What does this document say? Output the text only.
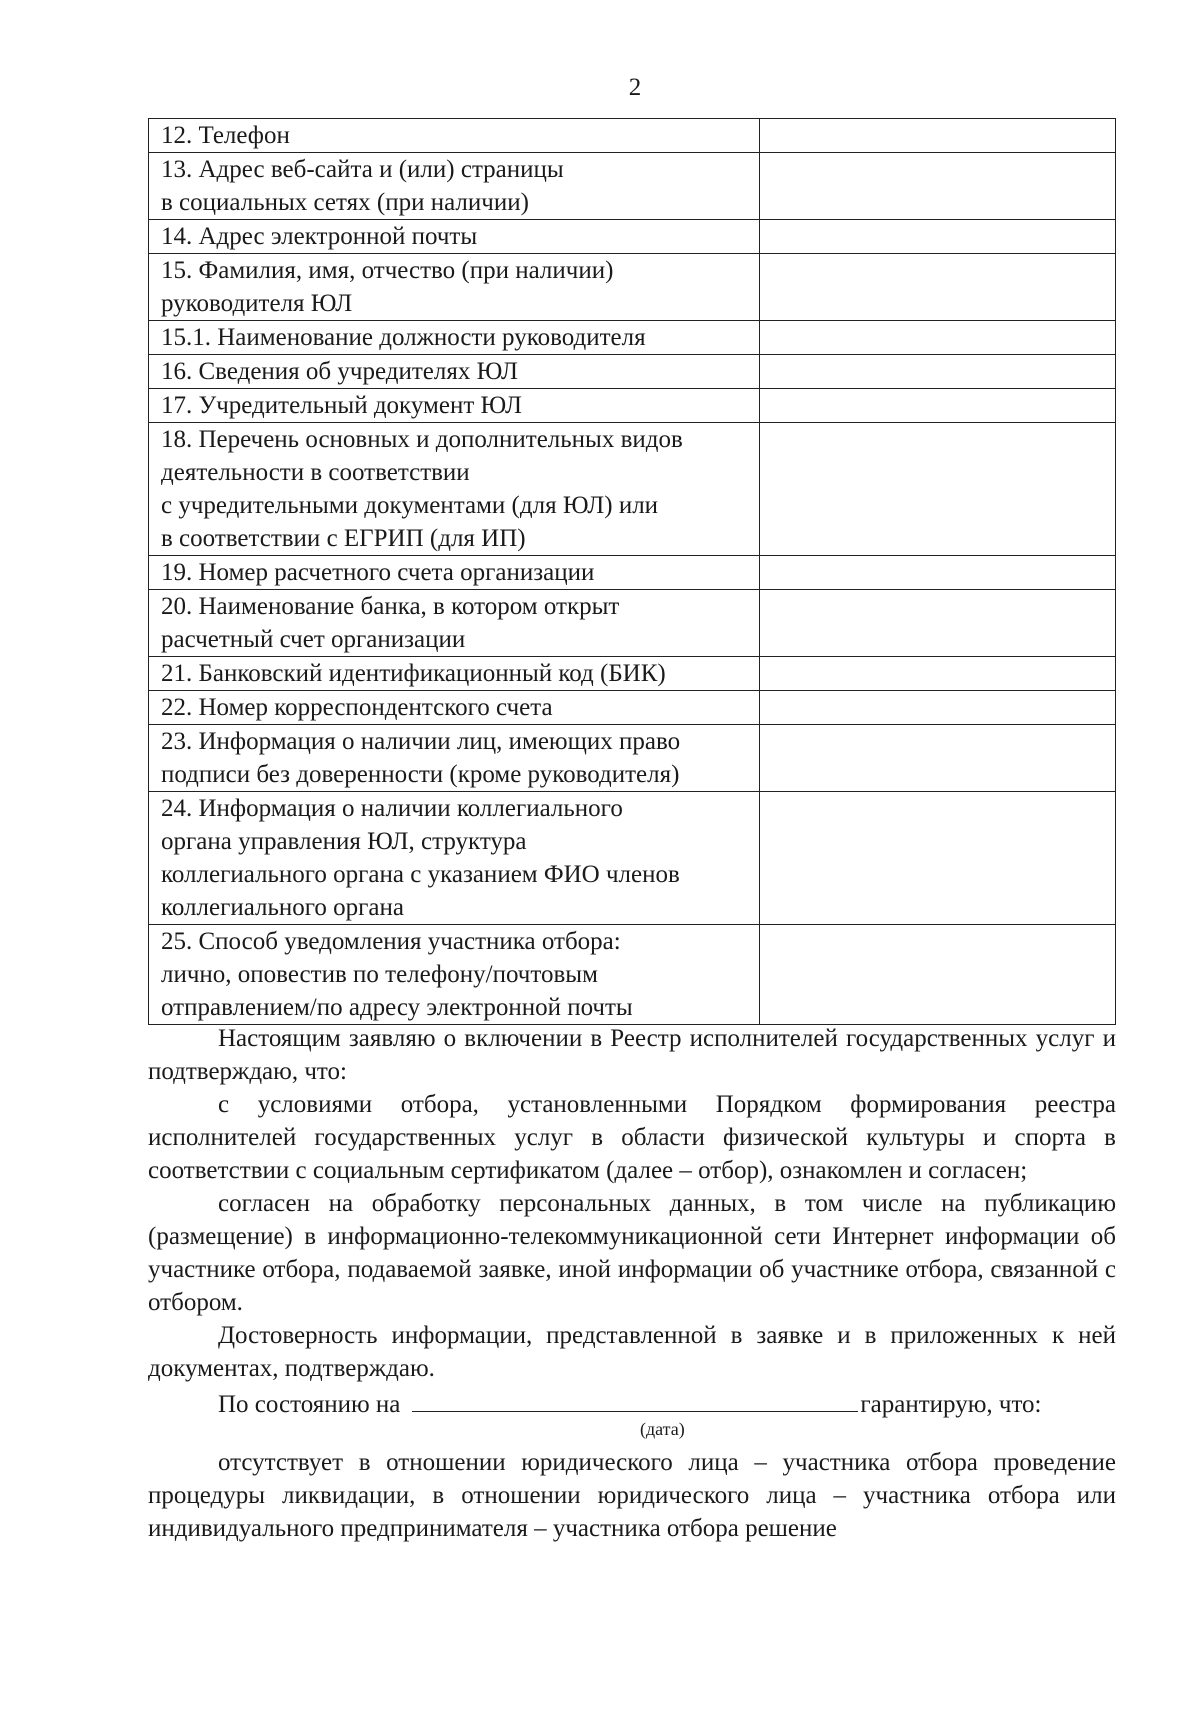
2
12. Телефон	
13. Адрес веб-сайта и (или) страницы
в социальных сетях (при наличии)	
14. Адрес электронной почты	
15. Фамилия, имя, отчество (при наличии)
руководителя ЮЛ	
15.1. Наименование должности руководителя	
16. Сведения об учредителях ЮЛ	
17. Учредительный документ ЮЛ	
18. Перечень основных и дополнительных видов
деятельности в соответствии
с учредительными документами (для ЮЛ) или
в соответствии с ЕГРИП (для ИП)	
19. Номер расчетного счета организации	
20. Наименование банка, в котором открыт
расчетный счет организации	
21. Банковский идентификационный код (БИК)	
22. Номер корреспондентского счета	
23. Информация о наличии лиц, имеющих право
подписи без доверенности (кроме руководителя)	
24. Информация о наличии коллегиального
органа управления ЮЛ, структура
коллегиального органа с указанием ФИО членов
коллегиального органа	
25. Способ уведомления участника отбора:
лично, оповестив по телефону/почтовым
отправлением/по адресу электронной почты	

Настоящим заявляю о включении в Реестр исполнителей государственных услуг и подтверждаю, что:

с условиями отбора, установленными Порядком формирования реестра исполнителей государственных услуг в области физической культуры и спорта в соответствии с социальным сертификатом (далее – отбор), ознакомлен и согласен;

согласен на обработку персональных данных, в том числе на публикацию (размещение) в информационно-телекоммуникационной сети Интернет информации об участнике отбора, подаваемой заявке, иной информации об участнике отбора, связанной с отбором.

Достоверность информации, представленной в заявке и в приложенных к ней документах, подтверждаю.

По состоянию на	гарантирую, что:
(дата)

отсутствует в отношении юридического лица – участника отбора проведение процедуры ликвидации, в отношении юридического лица – участника отбора или индивидуального предпринимателя – участника отбора решение
